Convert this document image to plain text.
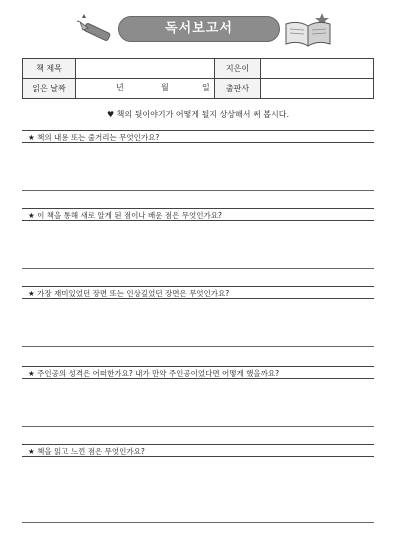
독서보고서
책 제목		지은이	
읽은 날짜	년 월 일	출판사	
♥ 책의 뒷이야기가 어떻게 될지 상상해서 써 봅시다.
★ 책의 내용 또는 줄거리는 무엇인가요?
★ 이 책을 통해 새로 알게 된 점이나 배운 점은 무엇인가요?
★ 가장 재미있었던 장면 또는 인상깊었던 장면은 무엇인가요?
★ 주인공의 성격은 어떠한가요? 내가 만약 주인공이었다면 어떻게 했을까요?
★ 책을 읽고 느낀 점은 무엇인가요?
